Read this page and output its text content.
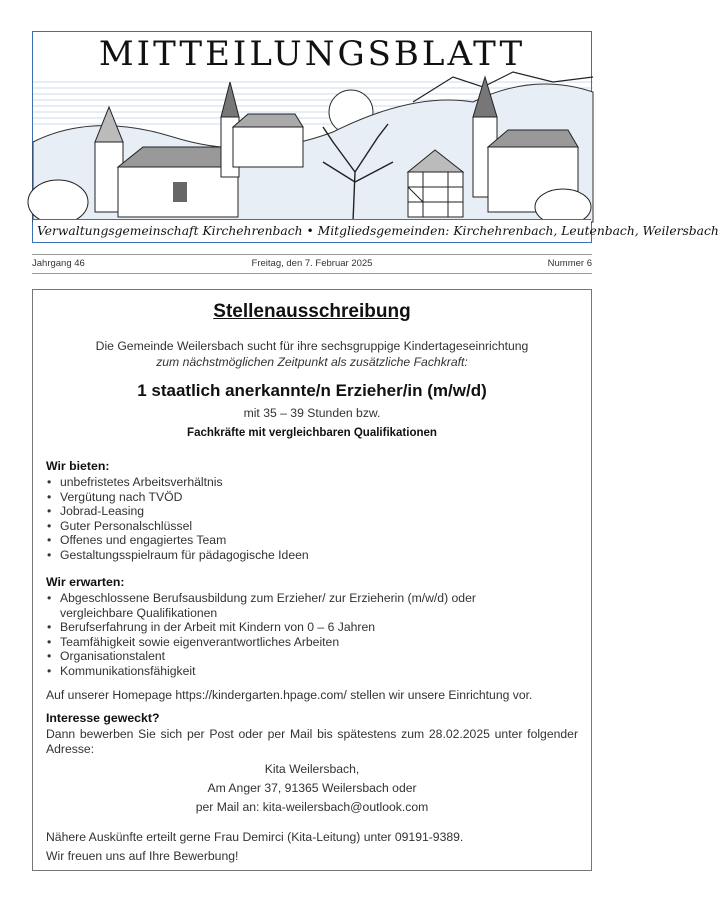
MITTEILUNGSBLATT
Verwaltungsgemeinschaft Kirchehrenbach • Mitgliedsgemeinden: Kirchehrenbach, Leutenbach, Weilersbach
Jahrgang 46	Freitag, den 7. Februar 2025	Nummer 6

Stellenausschreibung

Die Gemeinde Weilersbach sucht für ihre sechsgruppige Kindertageseinrichtung
zum nächstmöglichen Zeitpunkt als zusätzliche Fachkraft:
1 staatlich anerkannte/n Erzieher/in (m/w/d)
mit 35 – 39 Stunden bzw.
Fachkräfte mit vergleichbaren Qualifikationen
Wir bieten:
• unbefristetes Arbeitsverhältnis
• Vergütung nach TVÖD
• Jobrad-Leasing
• Guter Personalschlüssel
• Offenes und engagiertes Team
• Gestaltungsspielraum für pädagogische Ideen
Wir erwarten:
• Abgeschlossene Berufsausbildung zum Erzieher/ zur Erzieherin (m/w/d) oder vergleichbare Qualifikationen
• Berufserfahrung in der Arbeit mit Kindern von 0 – 6 Jahren
• Teamfähigkeit sowie eigenverantwortliches Arbeiten
• Organisationstalent
• Kommunikationsfähigkeit
Auf unserer Homepage https://kindergarten.hpage.com/ stellen wir unsere Einrichtung vor.
Interesse geweckt?
Dann bewerben Sie sich per Post oder per Mail bis spätestens zum 28.02.2025 unter folgender Adresse:
Kita Weilersbach,
Am Anger 37, 91365 Weilersbach oder
per Mail an: kita-weilersbach@outlook.com
Nähere Auskünfte erteilt gerne Frau Demirci (Kita-Leitung) unter 09191-9389.
Wir freuen uns auf Ihre Bewerbung!
